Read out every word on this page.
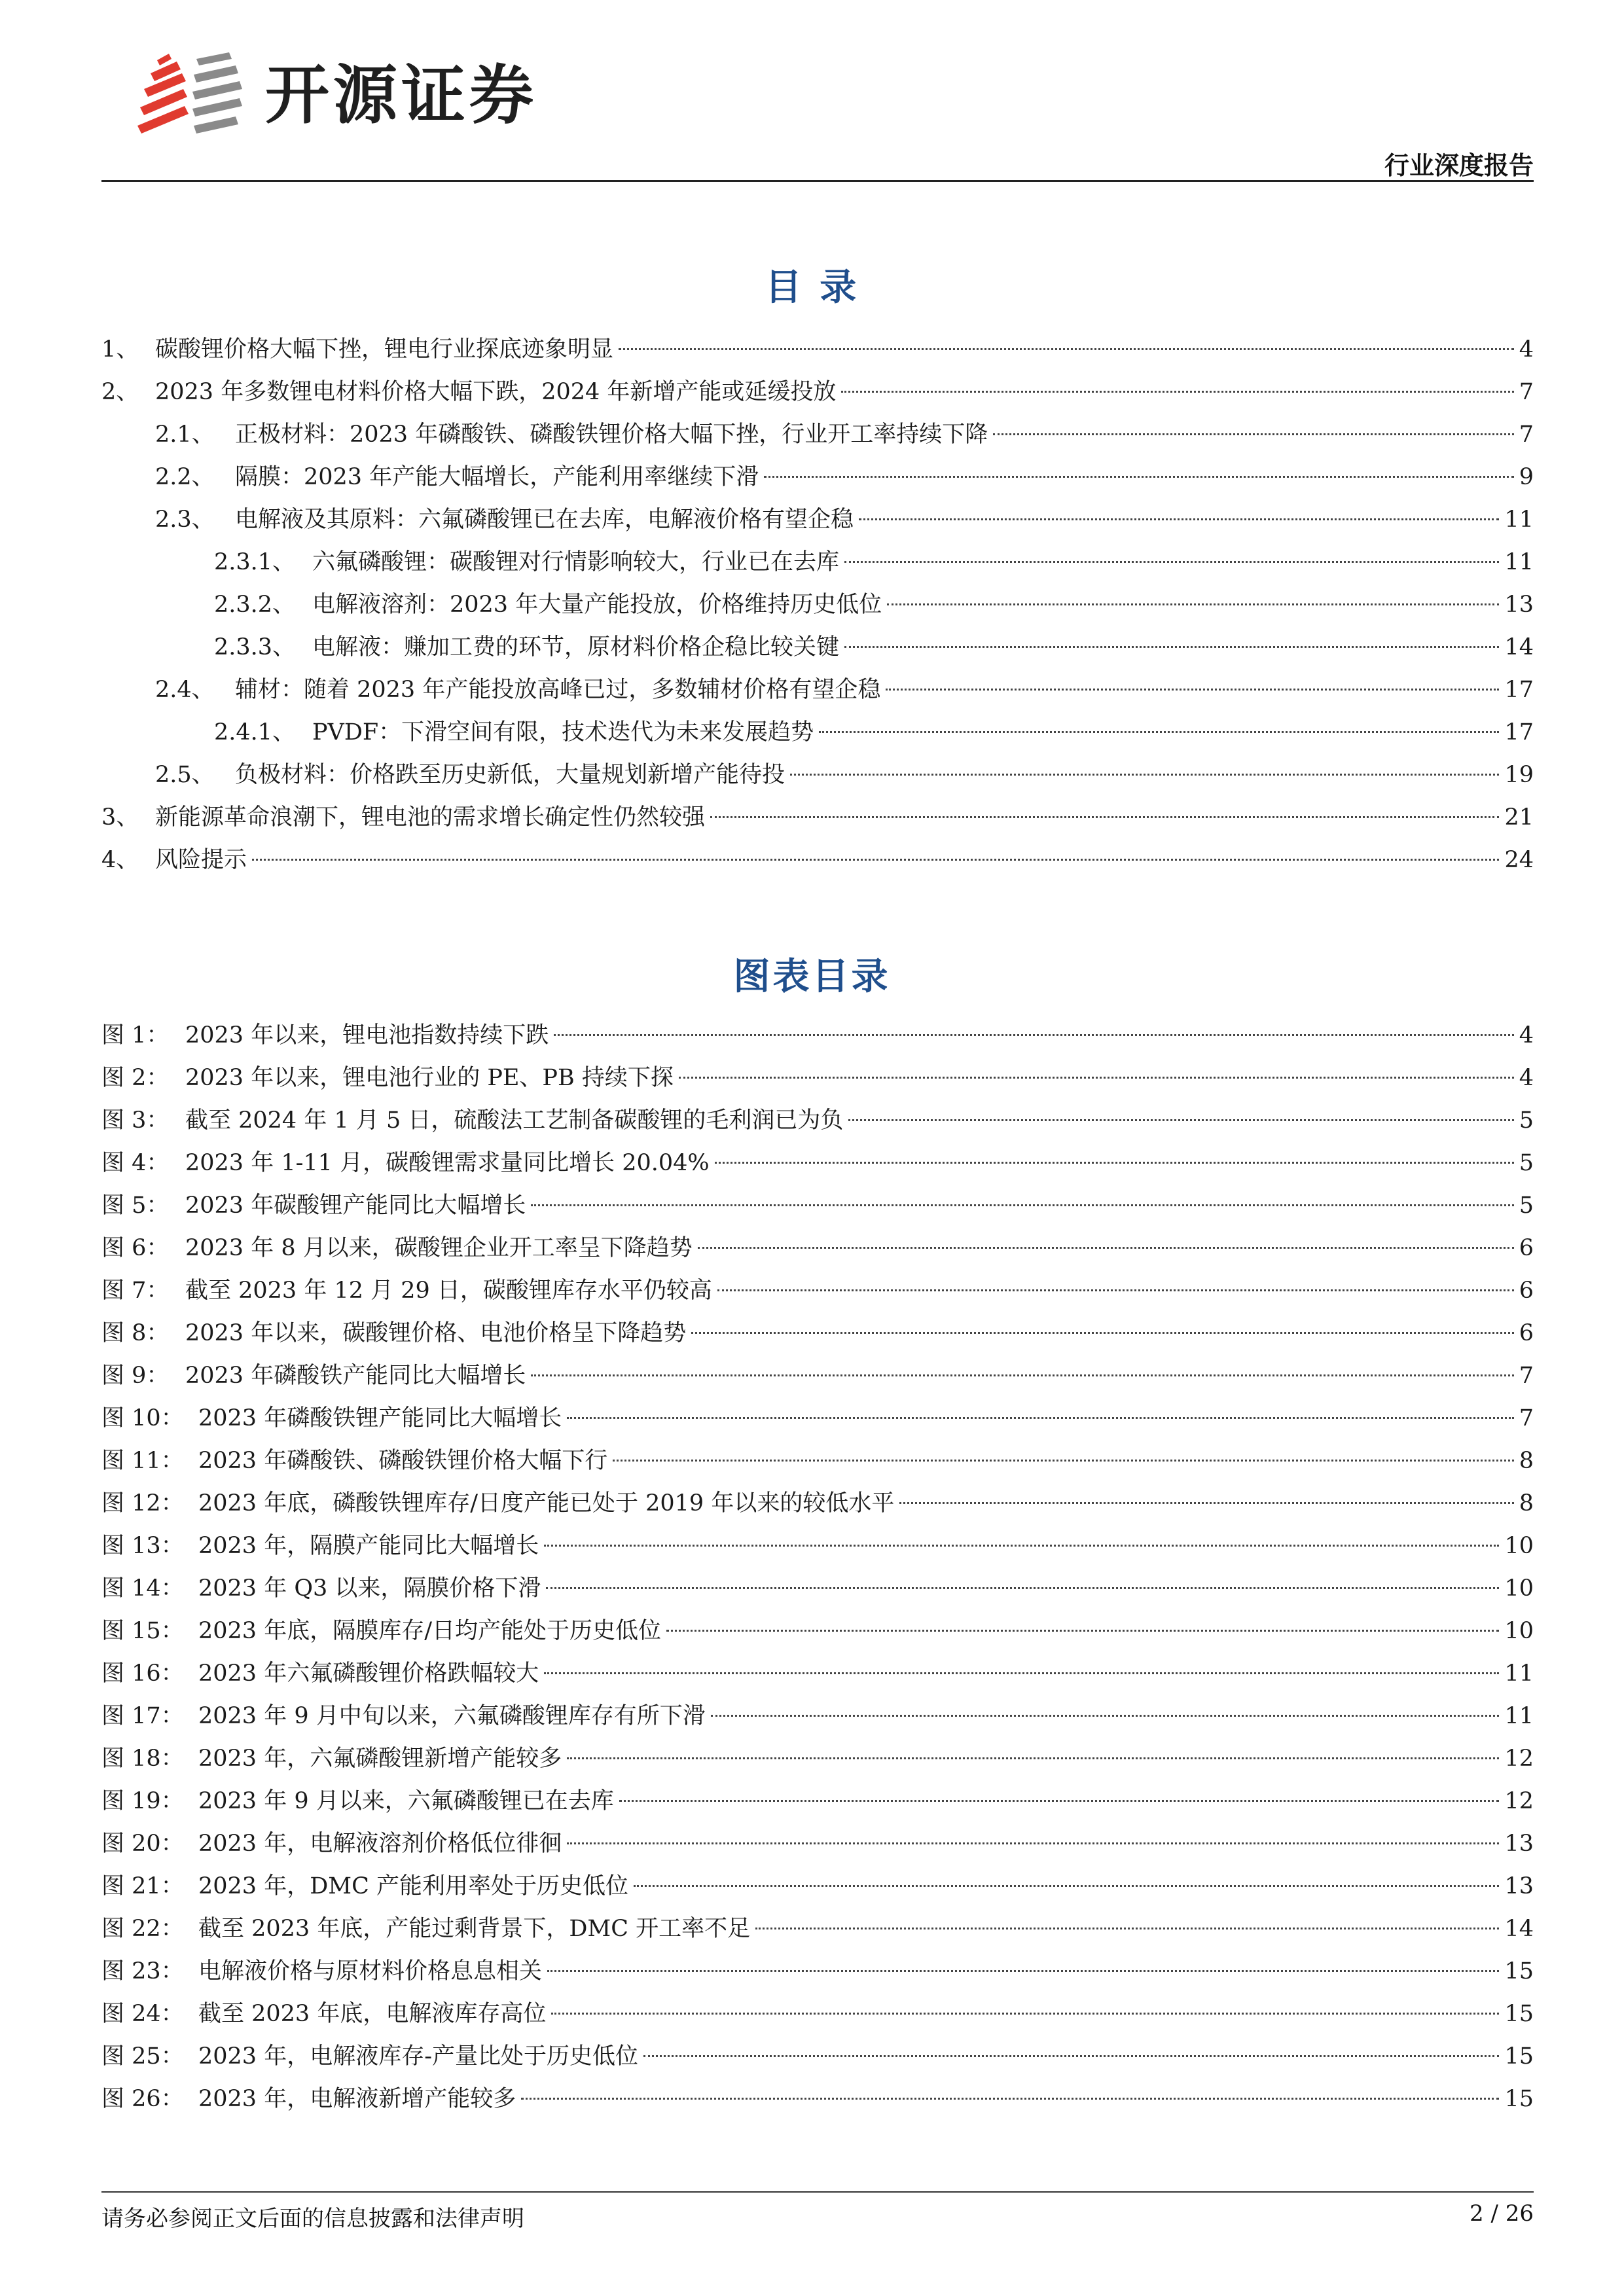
开源证券
行业深度报告
目 录
1、 碳酸锂价格大幅下挫，锂电行业探底迹象明显	4
2、 2023 年多数锂电材料价格大幅下跌，2024 年新增产能或延缓投放	7
2.1、 正极材料：2023 年磷酸铁、磷酸铁锂价格大幅下挫，行业开工率持续下降	7
2.2、 隔膜：2023 年产能大幅增长，产能利用率继续下滑	9
2.3、 电解液及其原料：六氟磷酸锂已在去库，电解液价格有望企稳	11
2.3.1、 六氟磷酸锂：碳酸锂对行情影响较大，行业已在去库	11
2.3.2、 电解液溶剂：2023 年大量产能投放，价格维持历史低位	13
2.3.3、 电解液：赚加工费的环节，原材料价格企稳比较关键	14
2.4、 辅材：随着 2023 年产能投放高峰已过，多数辅材价格有望企稳	17
2.4.1、 PVDF：下滑空间有限，技术迭代为未来发展趋势	17
2.5、 负极材料：价格跌至历史新低，大量规划新增产能待投	19
3、 新能源革命浪潮下，锂电池的需求增长确定性仍然较强	21
4、 风险提示	24
图表目录
图 1： 2023 年以来，锂电池指数持续下跌	4
图 2： 2023 年以来，锂电池行业的 PE、PB 持续下探	4
图 3： 截至 2024 年 1 月 5 日，硫酸法工艺制备碳酸锂的毛利润已为负	5
图 4： 2023 年 1-11 月，碳酸锂需求量同比增长 20.04%	5
图 5： 2023 年碳酸锂产能同比大幅增长	5
图 6： 2023 年 8 月以来，碳酸锂企业开工率呈下降趋势	6
图 7： 截至 2023 年 12 月 29 日，碳酸锂库存水平仍较高	6
图 8： 2023 年以来，碳酸锂价格、电池价格呈下降趋势	6
图 9： 2023 年磷酸铁产能同比大幅增长	7
图 10： 2023 年磷酸铁锂产能同比大幅增长	7
图 11： 2023 年磷酸铁、磷酸铁锂价格大幅下行	8
图 12： 2023 年底，磷酸铁锂库存/日度产能已处于 2019 年以来的较低水平	8
图 13： 2023 年，隔膜产能同比大幅增长	10
图 14： 2023 年 Q3 以来，隔膜价格下滑	10
图 15： 2023 年底，隔膜库存/日均产能处于历史低位	10
图 16： 2023 年六氟磷酸锂价格跌幅较大	11
图 17： 2023 年 9 月中旬以来，六氟磷酸锂库存有所下滑	11
图 18： 2023 年，六氟磷酸锂新增产能较多	12
图 19： 2023 年 9 月以来，六氟磷酸锂已在去库	12
图 20： 2023 年，电解液溶剂价格低位徘徊	13
图 21： 2023 年，DMC 产能利用率处于历史低位	13
图 22： 截至 2023 年底，产能过剩背景下，DMC 开工率不足	14
图 23： 电解液价格与原材料价格息息相关	15
图 24： 截至 2023 年底，电解液库存高位	15
图 25： 2023 年，电解液库存-产量比处于历史低位	15
图 26： 2023 年，电解液新增产能较多	15
请务必参阅正文后面的信息披露和法律声明	2 / 26
